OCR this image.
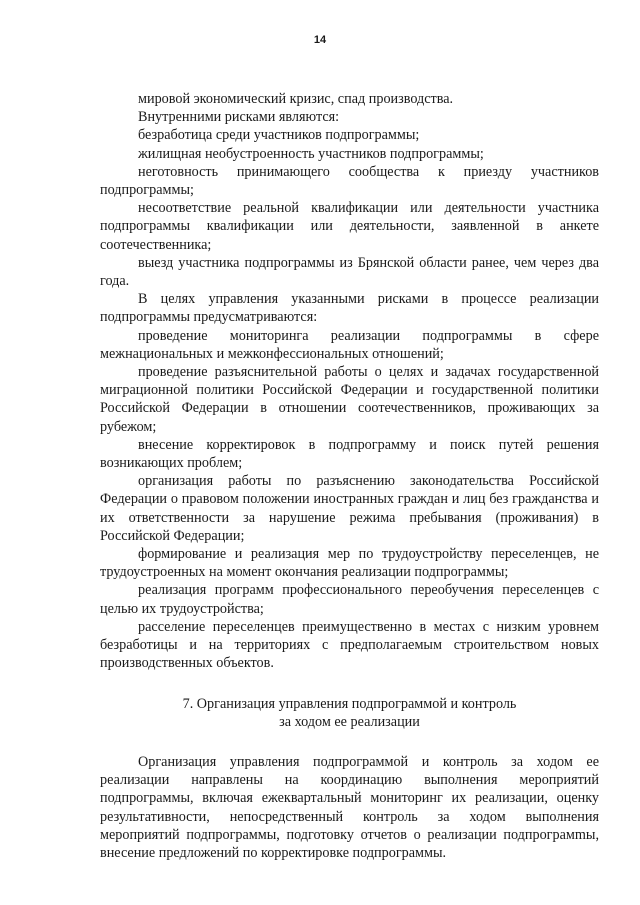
14

мировой экономический кризис, спад производства.

Внутренними рисками являются:

безработица среди участников подпрограммы;

жилищная необустроенность участников подпрограммы;

неготовность принимающего сообщества к приезду участников подпрограммы;

несоответствие реальной квалификации или деятельности участника подпрограммы квалификации или деятельности, заявленной в анкете соотечественника;

выезд участника подпрограммы из Брянской области ранее, чем через два года.

В целях управления указанными рисками в процессе реализации подпрограммы предусматриваются:

проведение мониторинга реализации подпрограммы в сфере межнациональных и межконфессиональных отношений;

проведение разъяснительной работы о целях и задачах государственной миграционной политики Российской Федерации и государственной политики Российской Федерации в отношении соотечественников, проживающих за рубежом;

внесение корректировок в подпрограмму и поиск путей решения возникающих проблем;

организация работы по разъяснению законодательства Российской Федерации о правовом положении иностранных граждан и лиц без гражданства и их ответственности за нарушение режима пребывания (проживания) в Российской Федерации;

формирование и реализация мер по трудоустройству переселенцев, не трудоустроенных на момент окончания реализации подпрограммы;

реализация программ профессионального переобучения переселенцев с целью их трудоустройства;

расселение переселенцев преимущественно в местах с низким уровнем безработицы и на территориях с предполагаемым строительством новых производственных объектов.

7. Организация управления подпрограммой и контроль
за ходом ее реализации

Организация управления подпрограммой и контроль за ходом ее реализации направлены на координацию выполнения мероприятий подпрограммы, включая ежеквартальный мониторинг их реализации, оценку результативности, непосредственный контроль за ходом выполнения мероприятий подпрограммы, подготовку отчетов о реализации подпрограмmы, внесение предложений по корректировке подпрограммы.
